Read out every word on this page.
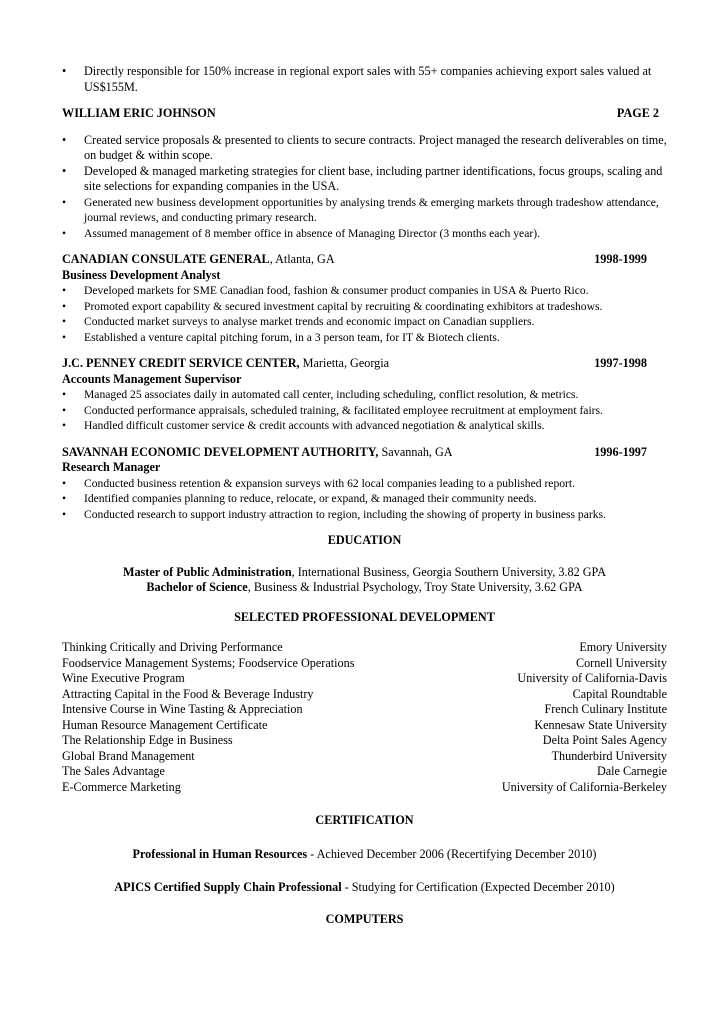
• Directly responsible for 150% increase in regional export sales with 55+ companies achieving export sales valued at US$155M.
WILLIAM ERIC JOHNSON	PAGE 2
• Created service proposals & presented to clients to secure contracts. Project managed the research deliverables on time, on budget & within scope.
• Developed & managed marketing strategies for client base, including partner identifications, focus groups, scaling and site selections for expanding companies in the USA.
• Generated new business development opportunities by analysing trends & emerging markets through tradeshow attendance, journal reviews, and conducting primary research.
• Assumed management of 8 member office in absence of Managing Director (3 months each year).
CANADIAN CONSULATE GENERAL, Atlanta, GA	1998-1999
Business Development Analyst
• Developed markets for SME Canadian food, fashion & consumer product companies in USA & Puerto Rico.
• Promoted export capability & secured investment capital by recruiting & coordinating exhibitors at tradeshows.
• Conducted market surveys to analyse market trends and economic impact on Canadian suppliers.
• Established a venture capital pitching forum, in a 3 person team, for IT & Biotech clients.
J.C. PENNEY CREDIT SERVICE CENTER, Marietta, Georgia	1997-1998
Accounts Management Supervisor
• Managed 25 associates daily in automated call center, including scheduling, conflict resolution, & metrics.
• Conducted performance appraisals, scheduled training, & facilitated employee recruitment at employment fairs.
• Handled difficult customer service & credit accounts with advanced negotiation & analytical skills.
SAVANNAH ECONOMIC DEVELOPMENT AUTHORITY, Savannah, GA	1996-1997
Research Manager
• Conducted business retention & expansion surveys with 62 local companies leading to a published report.
• Identified companies planning to reduce, relocate, or expand, & managed their community needs.
• Conducted research to support industry attraction to region, including the showing of property in business parks.
EDUCATION
Master of Public Administration, International Business, Georgia Southern University, 3.82 GPA
Bachelor of Science, Business & Industrial Psychology, Troy State University, 3.62 GPA
SELECTED PROFESSIONAL DEVELOPMENT
Thinking Critically and Driving Performance	Emory University
Foodservice Management Systems; Foodservice Operations	Cornell University
Wine Executive Program	University of California-Davis
Attracting Capital in the Food & Beverage Industry	Capital Roundtable
Intensive Course in Wine Tasting & Appreciation	French Culinary Institute
Human Resource Management Certificate	Kennesaw State University
The Relationship Edge in Business	Delta Point Sales Agency
Global Brand Management	Thunderbird University
The Sales Advantage	Dale Carnegie
E-Commerce Marketing	University of California-Berkeley
CERTIFICATION
Professional in Human Resources - Achieved December 2006 (Recertifying December 2010)
APICS Certified Supply Chain Professional - Studying for Certification (Expected December 2010)
COMPUTERS
